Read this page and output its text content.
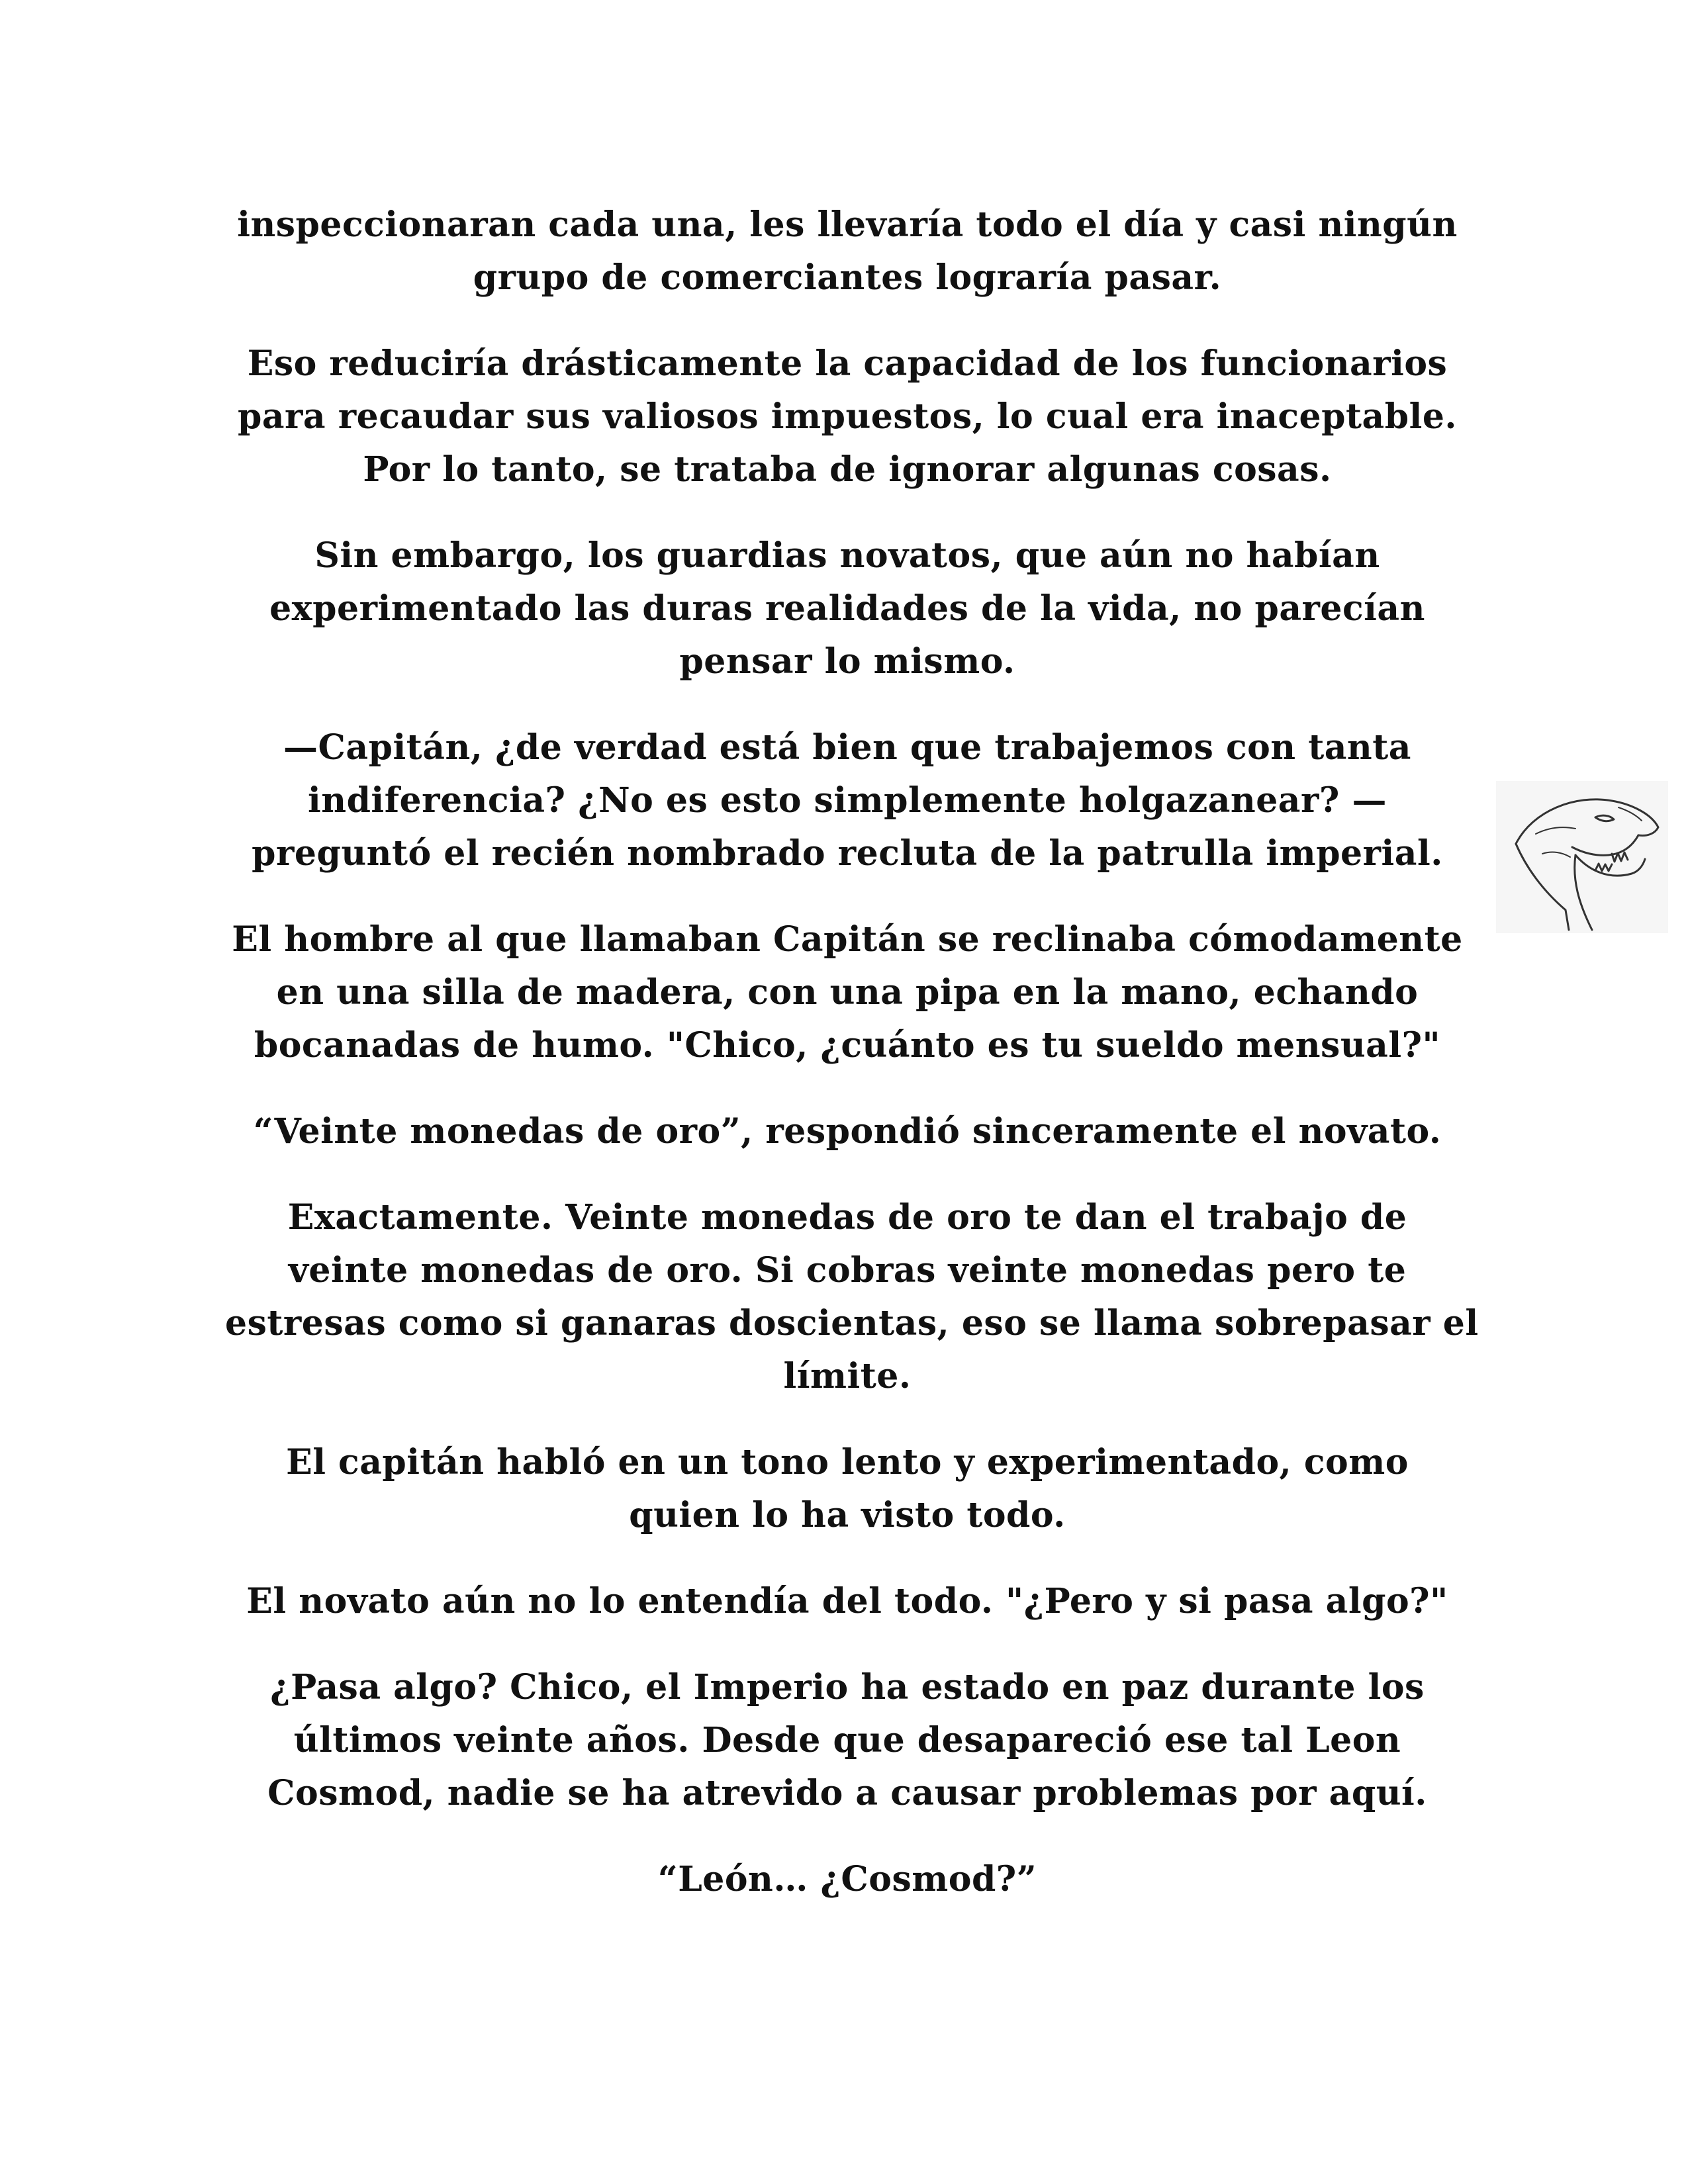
inspeccionaran cada una, les llevaría todo el día y casi ningún
grupo de comerciantes lograría pasar.

Eso reduciría drásticamente la capacidad de los funcionarios
para recaudar sus valiosos impuestos, lo cual era inaceptable.
Por lo tanto, se trataba de ignorar algunas cosas.

Sin embargo, los guardias novatos, que aún no habían
experimentado las duras realidades de la vida, no parecían
pensar lo mismo.

—Capitán, ¿de verdad está bien que trabajemos con tanta
indiferencia? ¿No es esto simplemente holgazanear? —
preguntó el recién nombrado recluta de la patrulla imperial.

El hombre al que llamaban Capitán se reclinaba cómodamente
en una silla de madera, con una pipa en la mano, echando
bocanadas de humo. "Chico, ¿cuánto es tu sueldo mensual?"

“Veinte monedas de oro”, respondió sinceramente el novato.

Exactamente. Veinte monedas de oro te dan el trabajo de
veinte monedas de oro. Si cobras veinte monedas pero te
estresas como si ganaras doscientas, eso se llama sobrepasar el
límite.

El capitán habló en un tono lento y experimentado, como
quien lo ha visto todo.

El novato aún no lo entendía del todo. "¿Pero y si pasa algo?"

¿Pasa algo? Chico, el Imperio ha estado en paz durante los
últimos veinte años. Desde que desapareció ese tal Leon
Cosmod, nadie se ha atrevido a causar problemas por aquí.

“León… ¿Cosmod?”
